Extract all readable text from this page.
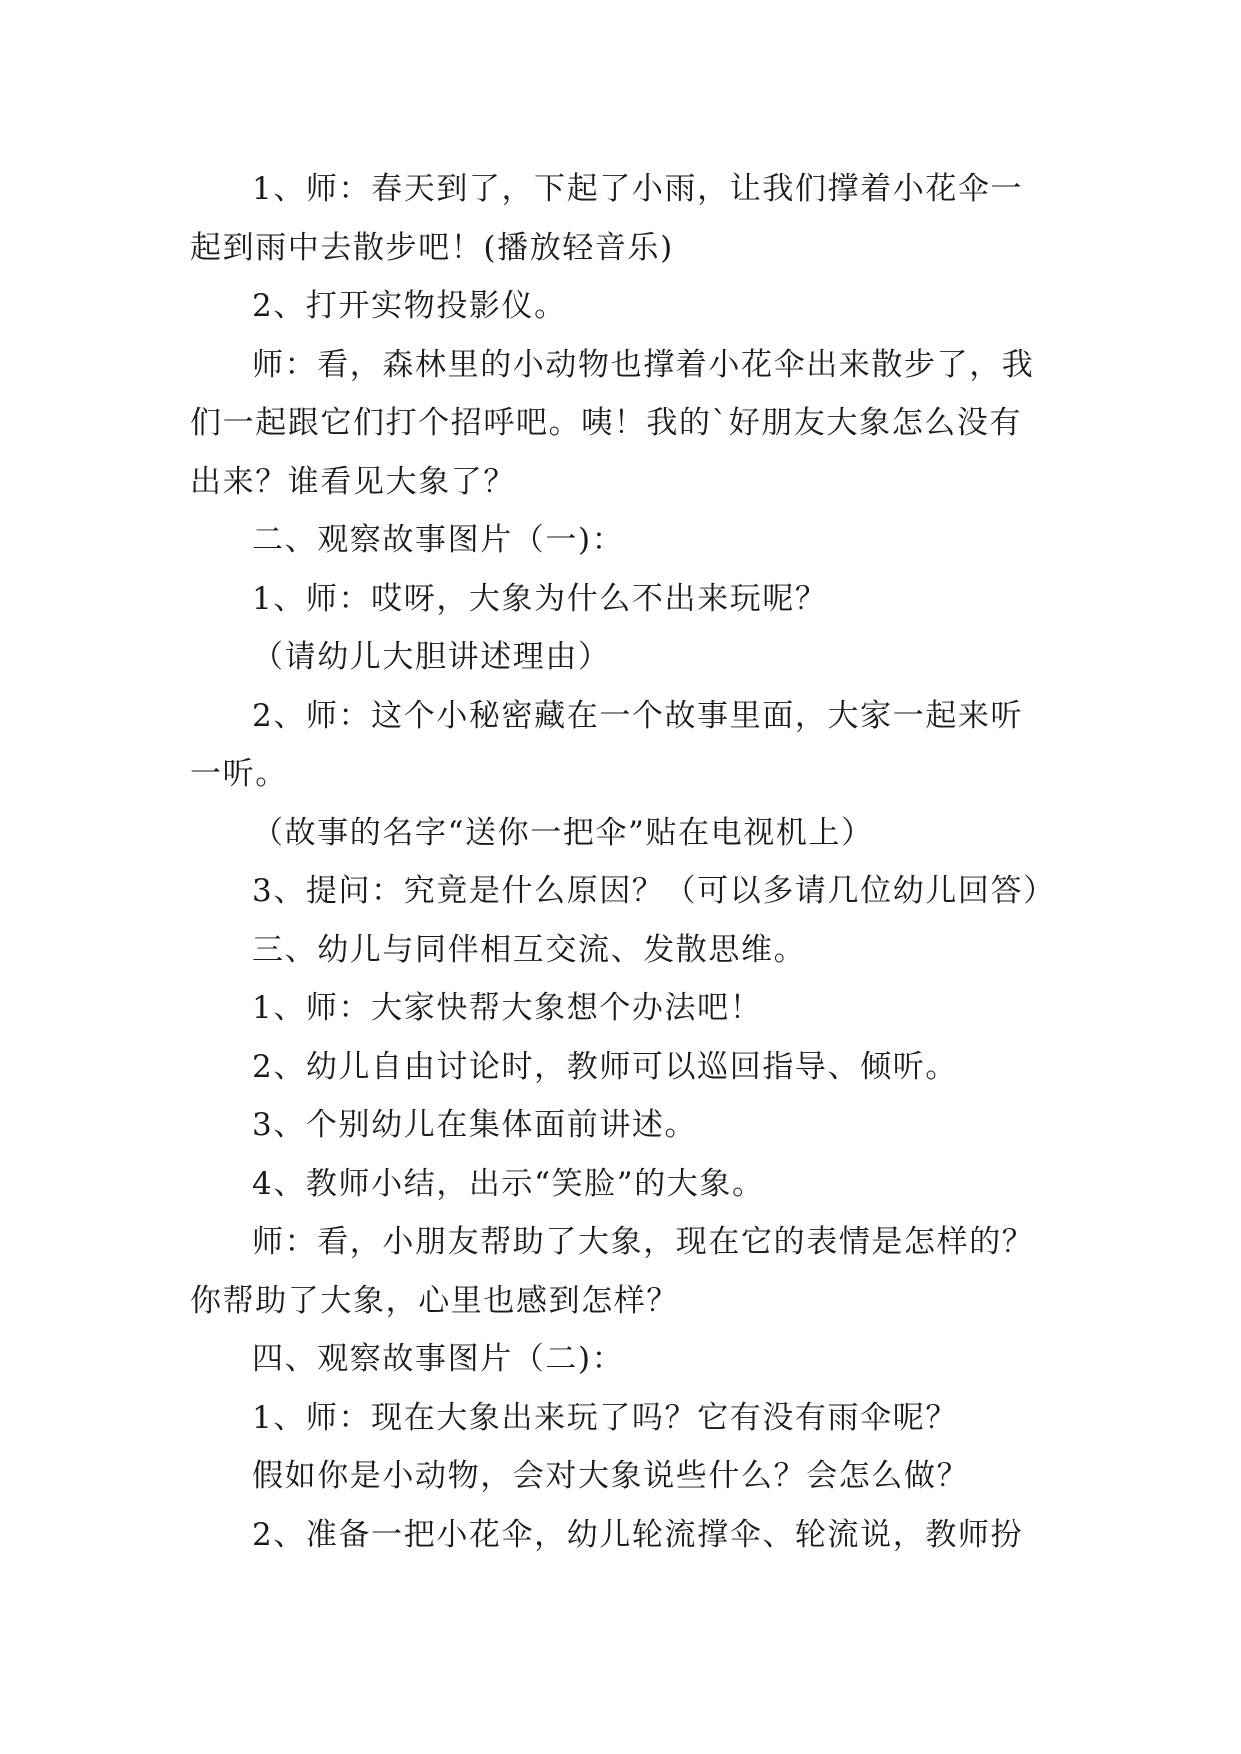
1、师：春天到了，下起了小雨，让我们撑着小花伞一起到雨中去散步吧！(播放轻音乐)

2、打开实物投影仪。

师：看，森林里的小动物也撑着小花伞出来散步了，我们一起跟它们打个招呼吧。咦！我的`好朋友大象怎么没有出来？谁看见大象了？

二、观察故事图片（一)：

1、师：哎呀，大象为什么不出来玩呢？

（请幼儿大胆讲述理由）

2、师：这个小秘密藏在一个故事里面，大家一起来听一听。

（故事的名字“送你一把伞”贴在电视机上）

3、提问：究竟是什么原因？（可以多请几位幼儿回答）

三、幼儿与同伴相互交流、发散思维。

1、师：大家快帮大象想个办法吧！

2、幼儿自由讨论时，教师可以巡回指导、倾听。

3、个别幼儿在集体面前讲述。

4、教师小结，出示“笑脸”的大象。

师：看，小朋友帮助了大象，现在它的表情是怎样的？你帮助了大象，心里也感到怎样？

四、观察故事图片（二)：

1、师：现在大象出来玩了吗？它有没有雨伞呢？

假如你是小动物，会对大象说些什么？会怎么做？

2、准备一把小花伞，幼儿轮流撑伞、轮流说，教师扮
